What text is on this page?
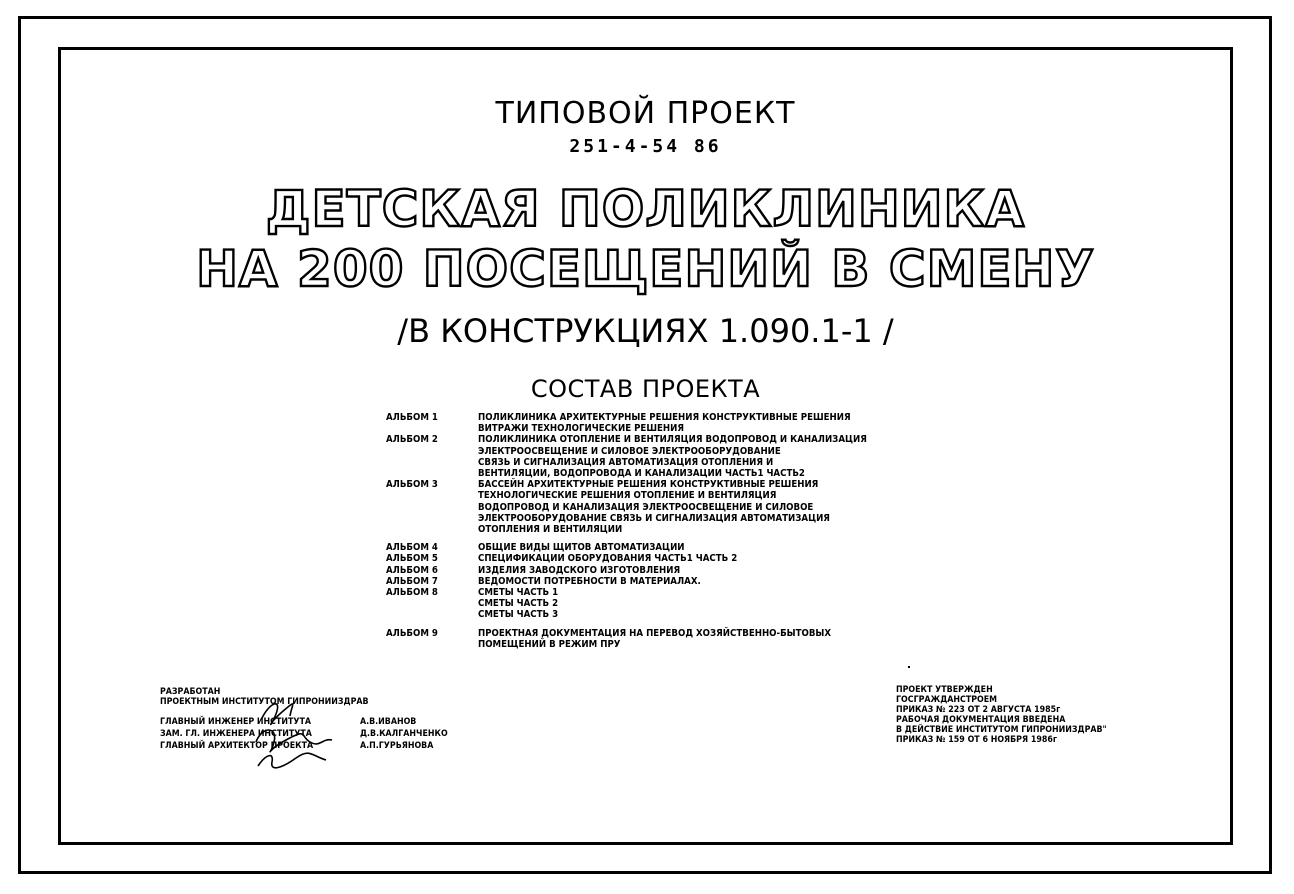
ТИПОВОЙ ПРОЕКТ
251-4-54 86
ДЕТСКАЯ ПОЛИКЛИНИКА
НА 200 ПОСЕЩЕНИЙ В СМЕНУ
/В КОНСТРУКЦИЯХ 1.090.1-1 /
СОСТАВ ПРОЕКТА
АЛЬБОМ 1	ПОЛИКЛИНИКА АРХИТЕКТУРНЫЕ РЕШЕНИЯ КОНСТРУКТИВНЫЕ РЕШЕНИЯ
ВИТРАЖИ ТЕХНОЛОГИЧЕСКИЕ РЕШЕНИЯ
АЛЬБОМ 2	ПОЛИКЛИНИКА ОТОПЛЕНИЕ И ВЕНТИЛЯЦИЯ ВОДОПРОВОД И КАНАЛИЗАЦИЯ
ЭЛЕКТРООСВЕЩЕНИЕ И СИЛОВОЕ ЭЛЕКТРООБОРУДОВАНИЕ
СВЯЗЬ И СИГНАЛИЗАЦИЯ АВТОМАТИЗАЦИЯ ОТОПЛЕНИЯ И
ВЕНТИЛЯЦИИ, ВОДОПРОВОДА И КАНАЛИЗАЦИИ ЧАСТЬ1 ЧАСТЬ2
АЛЬБОМ 3	БАССЕЙН АРХИТЕКТУРНЫЕ РЕШЕНИЯ КОНСТРУКТИВНЫЕ РЕШЕНИЯ
ТЕХНОЛОГИЧЕСКИЕ РЕШЕНИЯ ОТОПЛЕНИЕ И ВЕНТИЛЯЦИЯ
ВОДОПРОВОД И КАНАЛИЗАЦИЯ ЭЛЕКТРООСВЕЩЕНИЕ И СИЛОВОЕ
ЭЛЕКТРООБОРУДОВАНИЕ СВЯЗЬ И СИГНАЛИЗАЦИЯ АВТОМАТИЗАЦИЯ
ОТОПЛЕНИЯ И ВЕНТИЛЯЦИИ
АЛЬБОМ 4	ОБЩИЕ ВИДЫ ЩИТОВ АВТОМАТИЗАЦИИ
АЛЬБОМ 5	СПЕЦИФИКАЦИИ ОБОРУДОВАНИЯ ЧАСТЬ1 ЧАСТЬ 2
АЛЬБОМ 6	ИЗДЕЛИЯ ЗАВОДСКОГО ИЗГОТОВЛЕНИЯ
АЛЬБОМ 7	ВЕДОМОСТИ ПОТРЕБНОСТИ В МАТЕРИАЛАХ.
АЛЬБОМ 8	СМЕТЫ ЧАСТЬ 1
СМЕТЫ ЧАСТЬ 2
СМЕТЫ ЧАСТЬ 3
АЛЬБОМ 9	ПРОЕКТНАЯ ДОКУМЕНТАЦИЯ НА ПЕРЕВОД ХОЗЯЙСТВЕННО-БЫТОВЫХ
ПОМЕЩЕНИЙ В РЕЖИМ ПРУ
РАЗРАБОТАН
ПРОЕКТНЫМ ИНСТИТУТОМ ГИПРОНИИЗДРАВ
ГЛАВНЫЙ ИНЖЕНЕР ИНСТИТУТА	А.В.ИВАНОВ
ЗАМ. ГЛ. ИНЖЕНЕРА ИНСТИТУТА	Д.В.КАЛГАНЧЕНКО
ГЛАВНЫЙ АРХИТЕКТОР ПРОЕКТА	А.П.ГУРЬЯНОВА
ПРОЕКТ УТВЕРЖДЕН
ГОСГРАЖДАНСТРОЕМ
ПРИКАЗ № 223 ОТ 2 АВГУСТА 1985г
РАБОЧАЯ ДОКУМЕНТАЦИЯ ВВЕДЕНА
В ДЕЙСТВИЕ ИНСТИТУТОМ ГИПРОНИИЗДРАВ"
ПРИКАЗ № 159 ОТ 6 НОЯБРЯ 1986г
